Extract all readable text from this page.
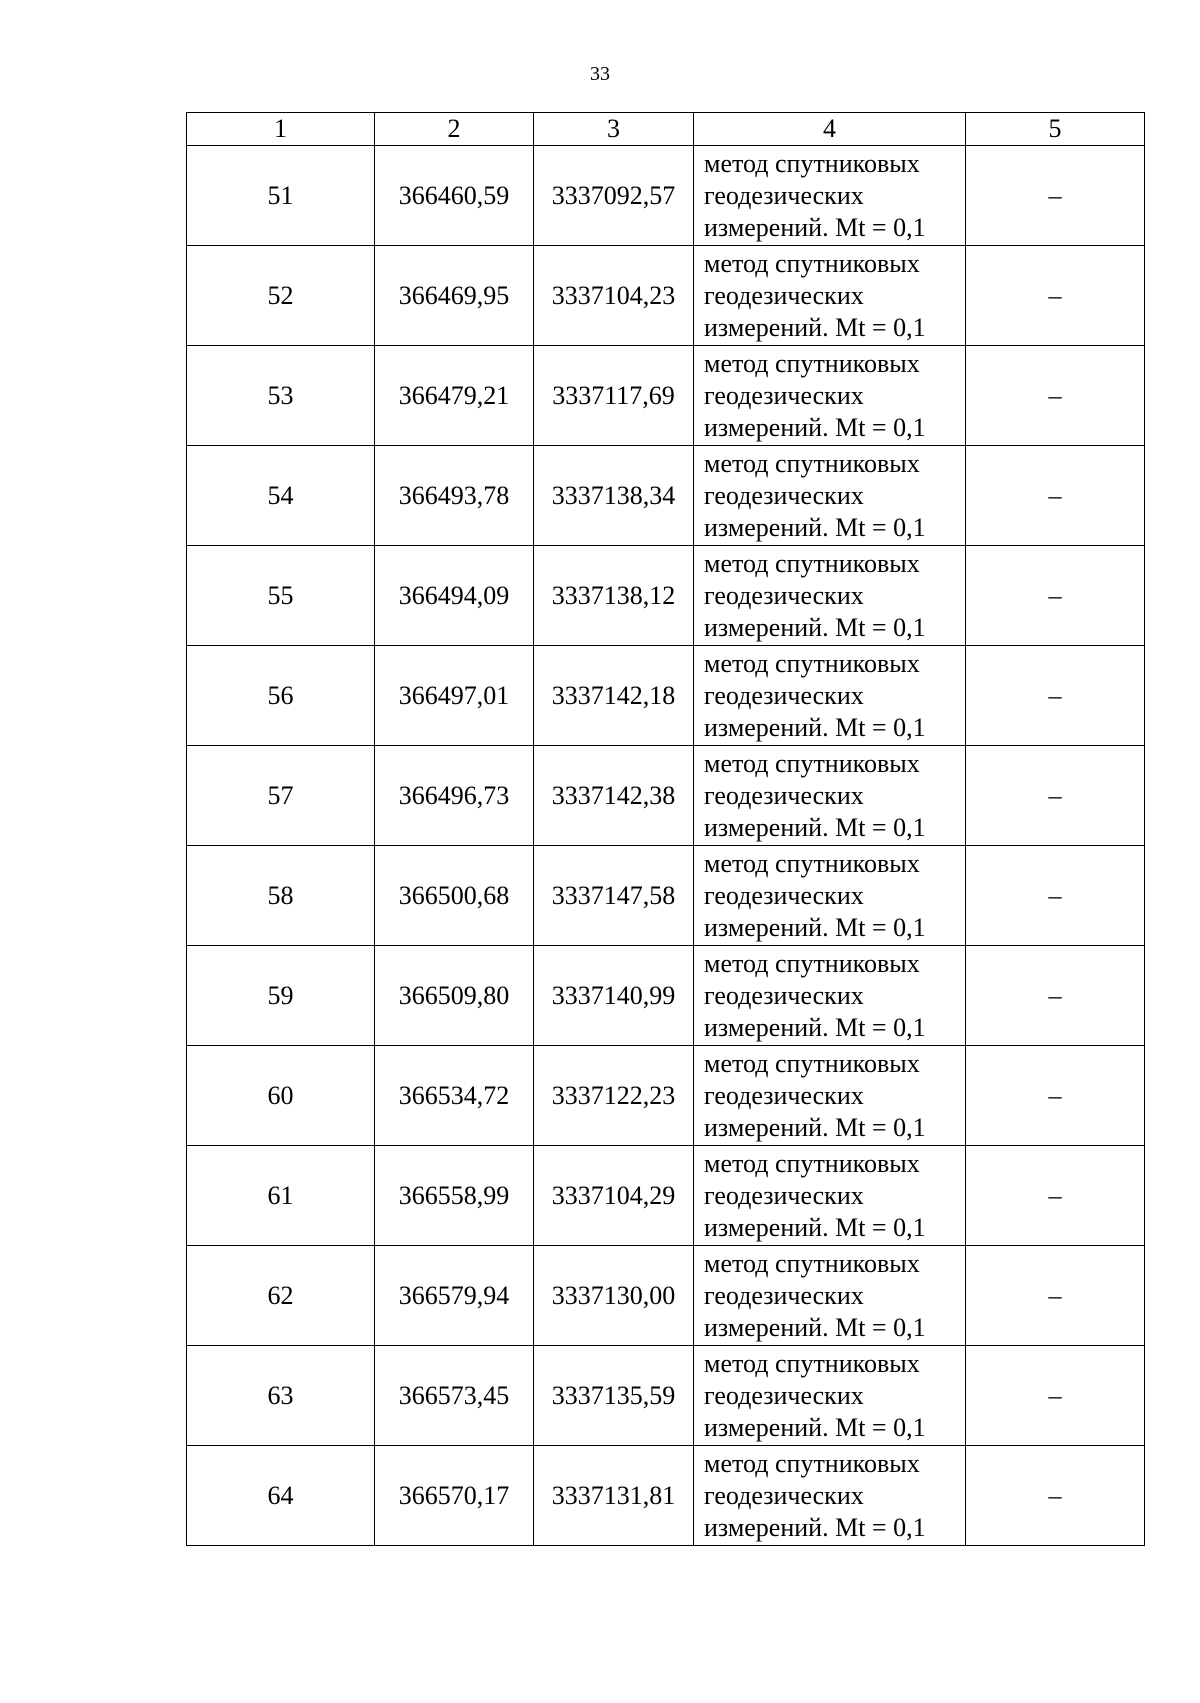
33
1	2	3	4	5
51	366460,59	3337092,57	метод спутниковых
геодезических
измерений. Mt = 0,1	–
52	366469,95	3337104,23	метод спутниковых
геодезических
измерений. Mt = 0,1	–
53	366479,21	3337117,69	метод спутниковых
геодезических
измерений. Mt = 0,1	–
54	366493,78	3337138,34	метод спутниковых
геодезических
измерений. Mt = 0,1	–
55	366494,09	3337138,12	метод спутниковых
геодезических
измерений. Mt = 0,1	–
56	366497,01	3337142,18	метод спутниковых
геодезических
измерений. Mt = 0,1	–
57	366496,73	3337142,38	метод спутниковых
геодезических
измерений. Mt = 0,1	–
58	366500,68	3337147,58	метод спутниковых
геодезических
измерений. Mt = 0,1	–
59	366509,80	3337140,99	метод спутниковых
геодезических
измерений. Mt = 0,1	–
60	366534,72	3337122,23	метод спутниковых
геодезических
измерений. Mt = 0,1	–
61	366558,99	3337104,29	метод спутниковых
геодезических
измерений. Mt = 0,1	–
62	366579,94	3337130,00	метод спутниковых
геодезических
измерений. Mt = 0,1	–
63	366573,45	3337135,59	метод спутниковых
геодезических
измерений. Mt = 0,1	–
64	366570,17	3337131,81	метод спутниковых
геодезических
измерений. Mt = 0,1	–
